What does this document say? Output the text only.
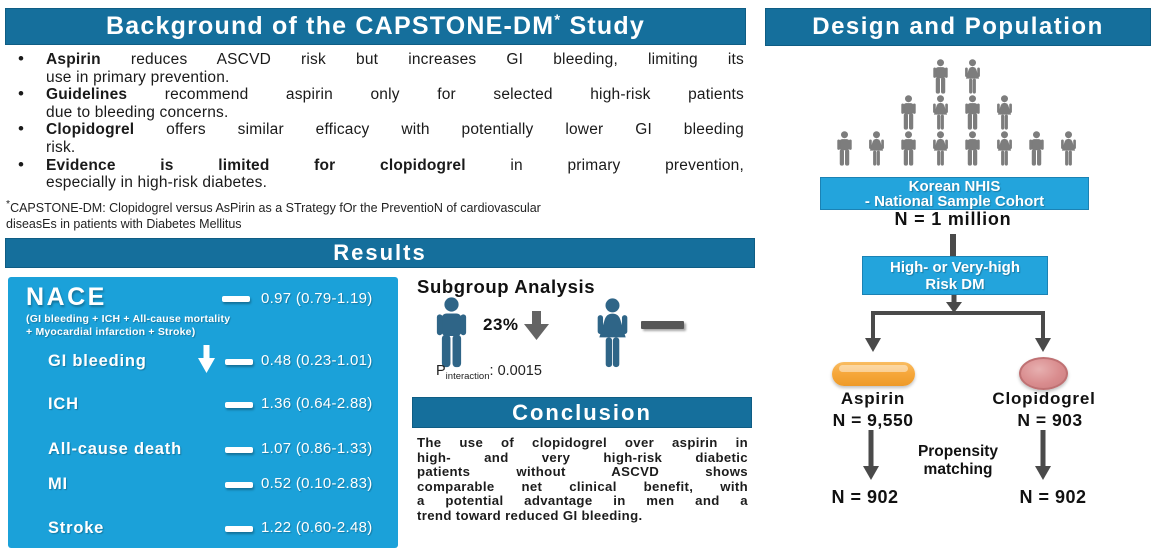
Background of the CAPSTONE-DM* Study
• Aspirin reduces ASCVD risk but increases GI bleeding, limiting its
use in primary prevention.
• Guidelines recommend aspirin only for selected high-risk patients
due to bleeding concerns.
• Clopidogrel offers similar efficacy with potentially lower GI bleeding
risk.
• Evidence is limited for clopidogrel in primary prevention,
especially in high-risk diabetes.
*CAPSTONE-DM: Clopidogrel versus AsPirin as a STrategy fOr the PreventioN of cardiovascular
diseasEs in patients with Diabetes Mellitus
Results
NACE	0.97 (0.79-1.19)
(GI bleeding + ICH + All-cause mortality
+ Myocardial infarction + Stroke)
GI bleeding	0.48 (0.23-1.01)
ICH	1.36 (0.64-2.88)
All-cause death	1.07 (0.86-1.33)
MI	0.52 (0.10-2.83)
Stroke	1.22 (0.60-2.48)
Subgroup Analysis
23%
$P_{interaction}$: 0.0015
Conclusion
The use of clopidogrel over aspirin in
high- and very high-risk diabetic
patients without ASCVD shows
comparable net clinical benefit, with
a potential advantage in men and a
trend toward reduced GI bleeding.
Design and Population
Korean NHIS
- National Sample Cohort
N = 1 million
High- or Very-high
Risk DM
Aspirin
N = 9,550
Clopidogrel
N = 903
Propensity matching
N = 902	N = 902
